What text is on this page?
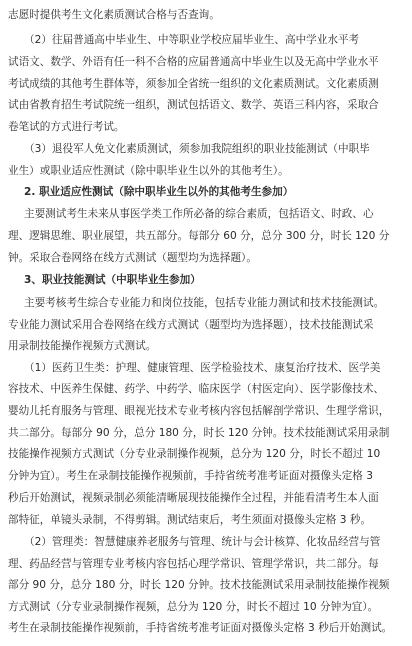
志愿时提供考生文化素质测试合格与否查询。
（2）往届普通高中毕业生、中等职业学校应届毕业生、高中学业水平考
试语文、数学、外语有任一科不合格的应届普通高中毕业生以及无高中学业水平
考试成绩的其他考生群体等，须参加全省统一组织的文化素质测试。文化素质测
试由省教育招生考试院统一组织，测试包括语文、数学、英语三科内容，采取合
卷笔试的方式进行考试。
（3）退役军人免文化素质测试，须参加我院组织的职业技能测试（中职毕
业生）或职业适应性测试（除中职毕业生以外的其他考生）。
2. 职业适应性测试（除中职毕业生以外的其他考生参加）
主要测试考生未来从事医学类工作所必备的综合素质，包括语文、时政、心
理、逻辑思维、职业展望，共五部分。每部分 60 分，总分 300 分，时长 120 分
钟。采取合卷网络在线方式测试（题型均为选择题）。
3、职业技能测试（中职毕业生参加）
主要考核考生综合专业能力和岗位技能，包括专业能力测试和技术技能测试。
专业能力测试采用合卷网络在线方式测试（题型均为选择题），技术技能测试采
用录制技能操作视频方式测试。
（1）医药卫生类：护理、健康管理、医学检验技术、康复治疗技术、医学美
容技术、中医养生保健、药学、中药学、临床医学（村医定向）、医学影像技术、
婴幼儿托育服务与管理、眼视光技术专业考核内容包括解剖学常识、生理学常识，
共二部分。每部分 90 分，总分 180 分，时长 120 分钟。技术技能测试采用录制
技能操作视频方式测试（分专业录制操作视频，总分为 120 分，时长不超过 10
分钟为宜）。考生在录制技能操作视频前，手持省统考准考证面对摄像头定格 3
秒后开始测试，视频录制必须能清晰展现技能操作全过程，并能看清考生本人面
部特征，单镜头录制，不得剪辑。测试结束后，考生须面对摄像头定格 3 秒。
（2）管理类：智慧健康养老服务与管理、统计与会计核算、化妆品经营与管
理、药品经营与管理专业考核内容包括心理学常识、管理学常识，共二部分。每
部分 90 分，总分 180 分，时长 120 分钟。技术技能测试采用录制技能操作视频
方式测试（分专业录制操作视频，总分为 120 分，时长不超过 10 分钟为宜）。
考生在录制技能操作视频前，手持省统考准考证面对摄像头定格 3 秒后开始测试。
